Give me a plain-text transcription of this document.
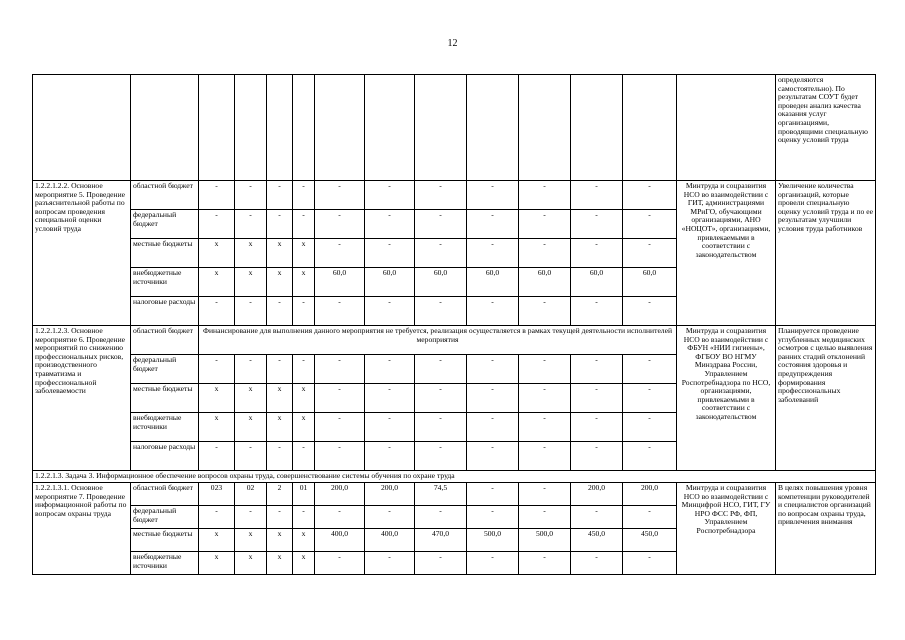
12
														определяются самостоятельно). По результатам СОУТ будет проведен анализ качества оказания услуг организациями, проводящими специальную оценку условий труда
1.2.2.1.2.2. Основное мероприятие 5. Проведение разъяснительной работы по вопросам проведения специальной оценки условий труда	областной бюджет	-	-	-	-	-	-	-	-	-	-	-	Минтруда и соцразвития НСО во взаимодействии с ГИТ, администрациями МРиГО, обучающими организациями, АНО «НОЦОТ», организациями, привлекаемыми в соответствии с законодательством	Увеличение количества организаций, которые провели специальную оценку условий труда и по ее результатам улучшили условия труда работников
	федеральный бюджет	-	-	-	-	-	-	-	-	-	-	-		
	местные бюджеты	x	x	x	x	-	-	-	-	-	-	-		
	внебюджетные источники	x	x	x	x	60,0	60,0	60,0	60,0	60,0	60,0	60,0		
	налоговые расходы	-	-	-	-	-	-	-	-	-	-	-		
1.2.2.1.2.3. Основное мероприятие 6. Проведение мероприятий по снижению профессиональных рисков, производственного травматизма и профессиональной заболеваемости	областной бюджет	Финансирование для выполнения данного мероприятия не требуется, реализация осуществляется в рамках текущей деятельности исполнителей мероприятия											Минтруда и соцразвития НСО во взаимодействии с ФБУН «НИИ гигиены», ФГБОУ ВО НГМУ Минздрава России, Управлением Роспотребнадзора по НСО, организациями, привлекаемыми в соответствии с законодательством	Планируется проведение углубленных медицинских осмотров с целью выявления ранних стадий отклонений состояния здоровья и предупреждения формирования профессиональных заболеваний
	федеральный бюджет	-	-	-	-	-	-	-	-	-	-	-		
	местные бюджеты	x	x	x	x	-	-	-	-	-	-	-		
	внебюджетные источники	x	x	x	x	-	-	-	-	-	-	-		
	налоговые расходы	-	-	-	-	-	-	-	-	-	-	-		
1.2.2.1.3. Задача 3. Информационное обеспечение вопросов охраны труда, совершенствование системы обучения по охране труда														
1.2.2.1.3.1. Основное мероприятие 7. Проведение информационной работы по вопросам охраны труда	областной бюджет	023	02	2	01	200,0	200,0	74,5	-	-	200,0	200,0	Минтруда и соцразвития НСО во взаимодействии с Минцифрой НСО, ГИТ, ГУ НРО ФСС РФ, ФП, Управлением Роспотребнадзора	В целях повышения уровня компетенции руководителей и специалистов организаций по вопросам охраны труда, привлечения внимания
	федеральный бюджет	-	-	-	-	-	-	-	-	-	-	-		
	местные бюджеты	x	x	x	x	400,0	400,0	470,0	500,0	500,0	450,0	450,0		
	внебюджетные источники	x	x	x	x	-	-	-	-	-	-	-		
